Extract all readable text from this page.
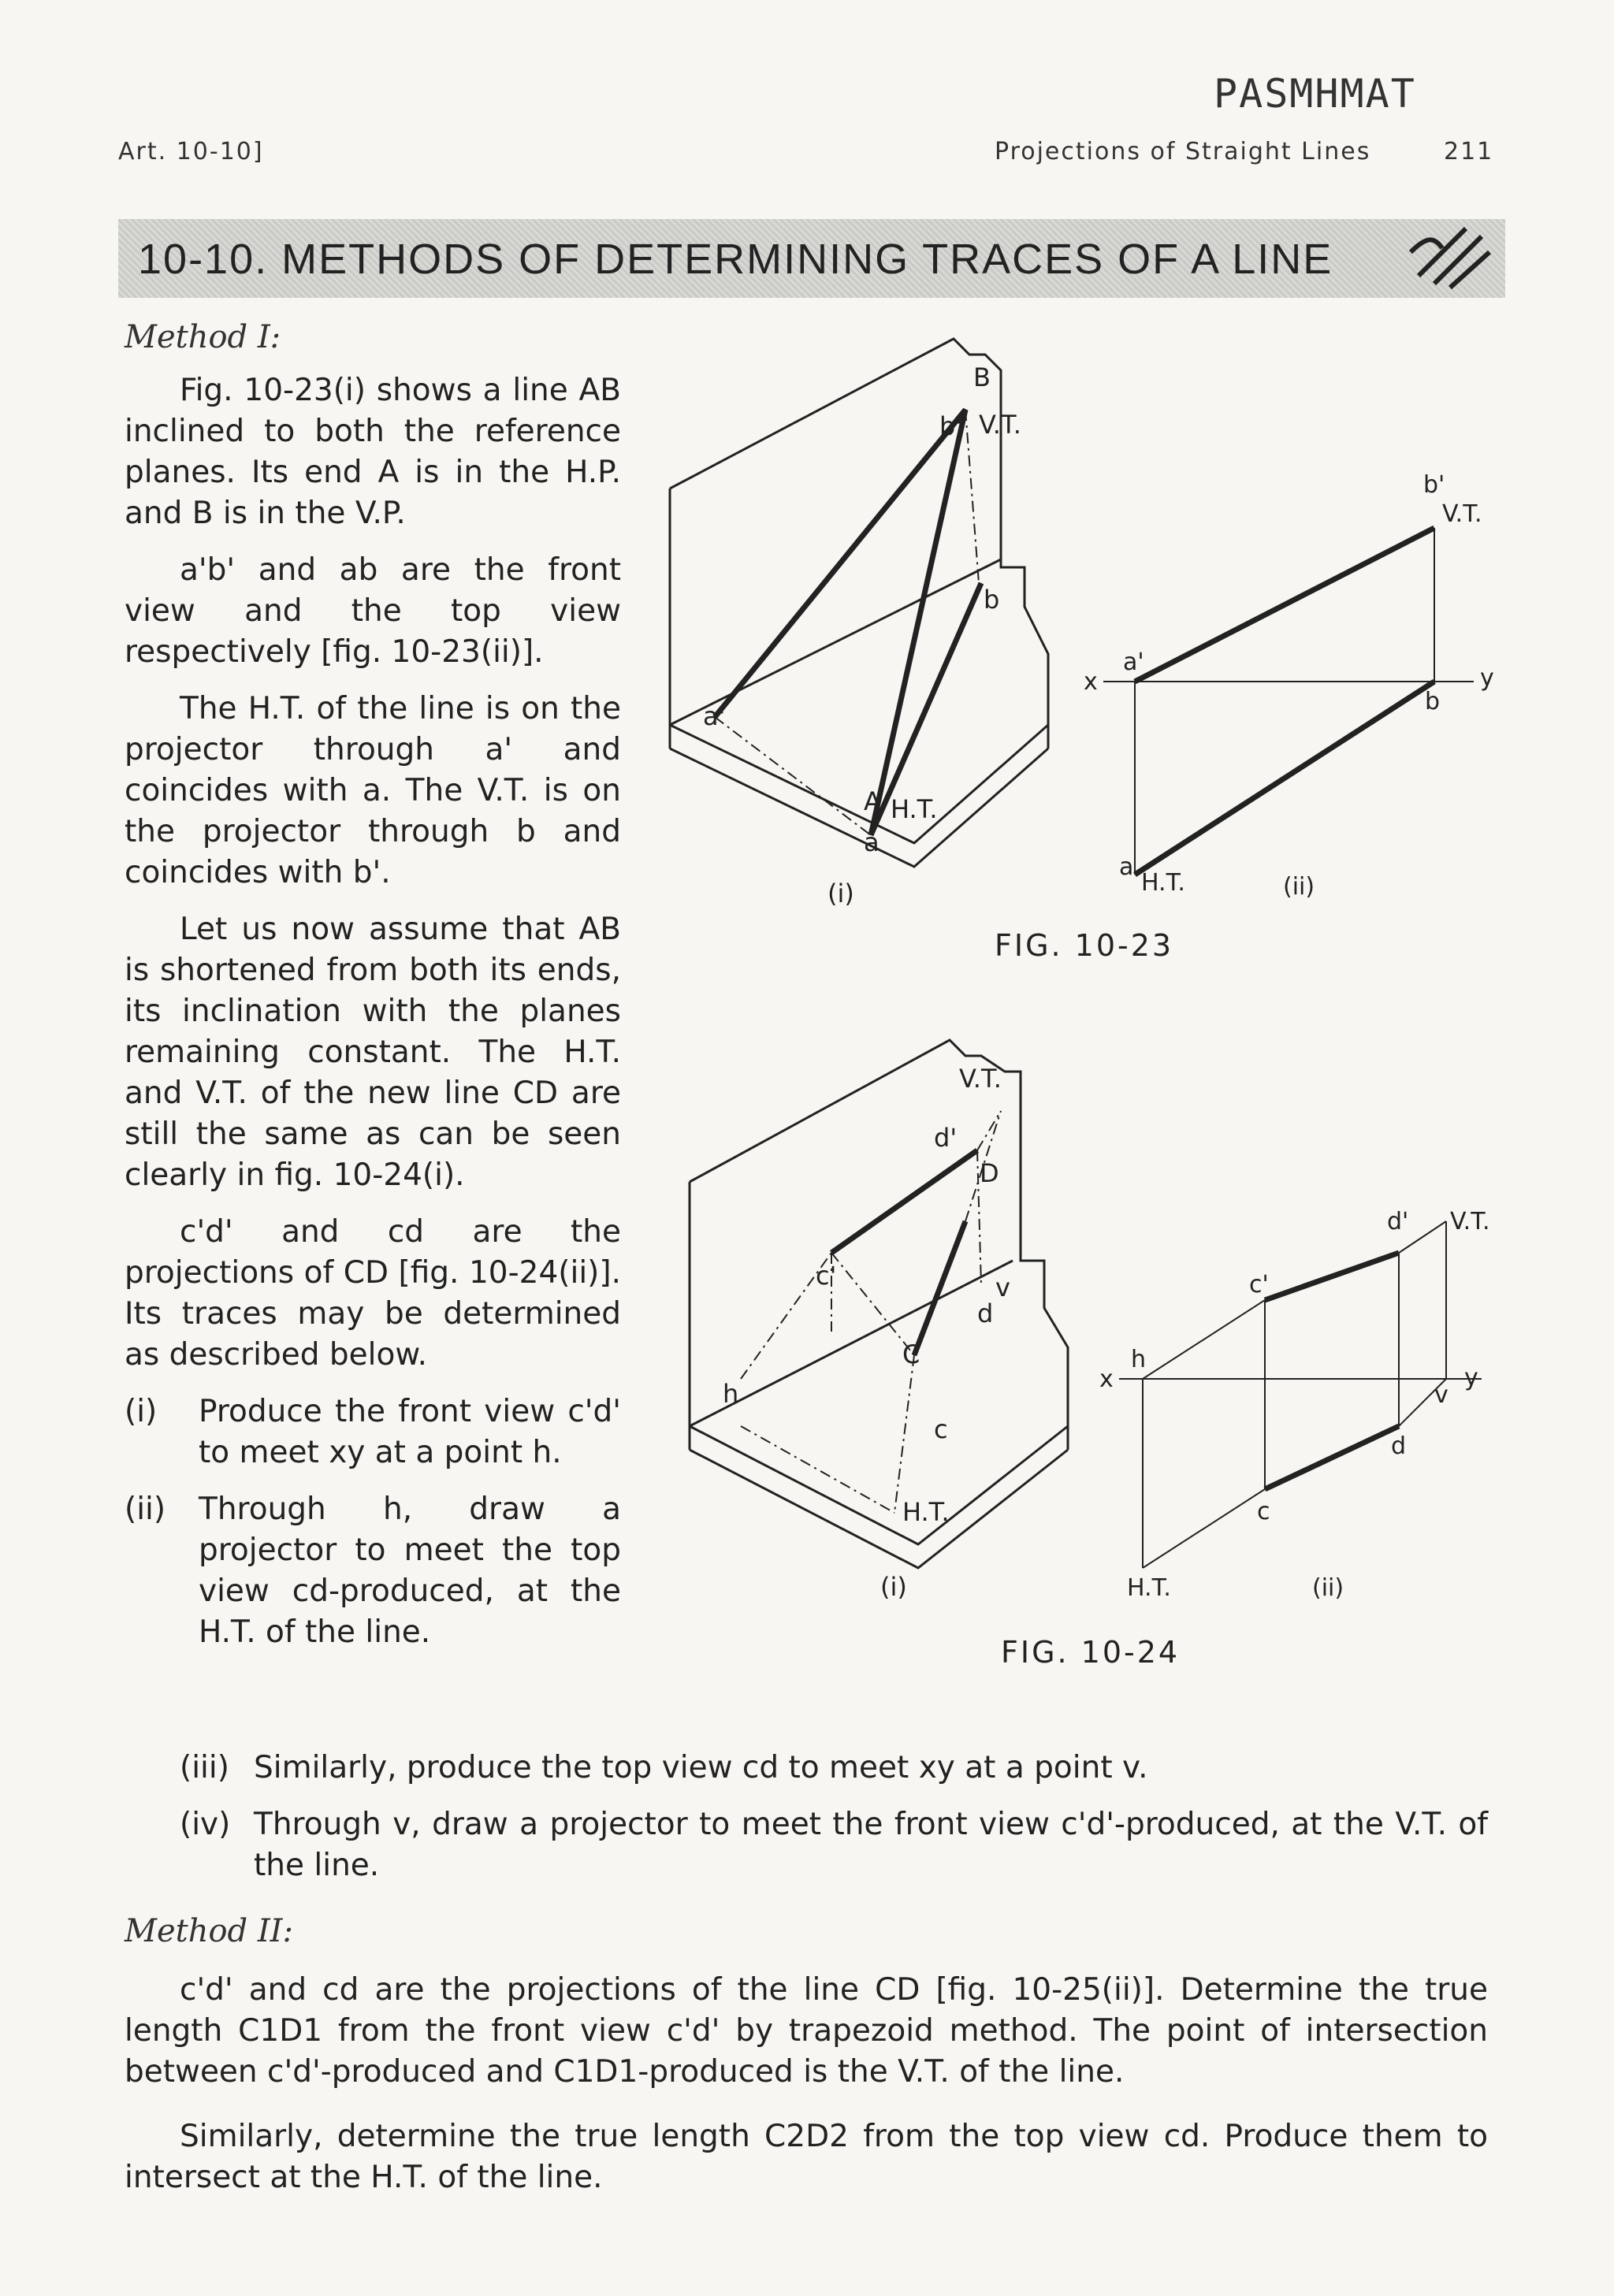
Art. 10-10]	Projections of Straight Lines	211
PASMHMAT
10-10. METHODS OF DETERMINING TRACES OF A LINE
Method I:

Fig. 10-23(i) shows a line AB inclined to both the reference planes. Its end A is in the H.P. and B is in the V.P.

a'b' and ab are the front view and the top view respectively [fig. 10-23(ii)].

The H.T. of the line is on the projector through a' and coincides with a. The V.T. is on the projector through b and coincides with b'.

Let us now assume that AB is shortened from both its ends, its inclination with the planes remaining constant. The H.T. and V.T. of the new line CD are still the same as can be seen clearly in fig. 10-24(i).

c'd' and cd are the projections of CD [fig. 10-24(ii)]. Its traces may be determined as described below.

(i)	Produce the front view c'd' to meet xy at a point h.
(ii)	Through h, draw a projector to meet the top view cd-produced, at the H.T. of the line.
(iii) Similarly, produce the top view cd to meet xy at a point v.
(iv) Through v, draw a projector to meet the front view c'd'-produced, at the V.T. of the line.
Method II:

c'd' and cd are the projections of the line CD [fig. 10-25(ii)]. Determine the true length C1D1 from the front view c'd' by trapezoid method. The point of intersection between c'd'-produced and C1D1-produced is the V.T. of the line.

Similarly, determine the true length C2D2 from the top view cd. Produce them to intersect at the H.T. of the line.

b'
B
V.T.
b
a'
A H.T.
a
(i)
b'
V.T.
a'
x	y
b
a
H.T.	(ii)
FIG. 10-23
V.T.
d'
D
c'	v
d
C
h
c
H.T.
(i)
d' V.T.
c'
x
h
y
v
d
c
H.T.	(ii)
FIG. 10-24
